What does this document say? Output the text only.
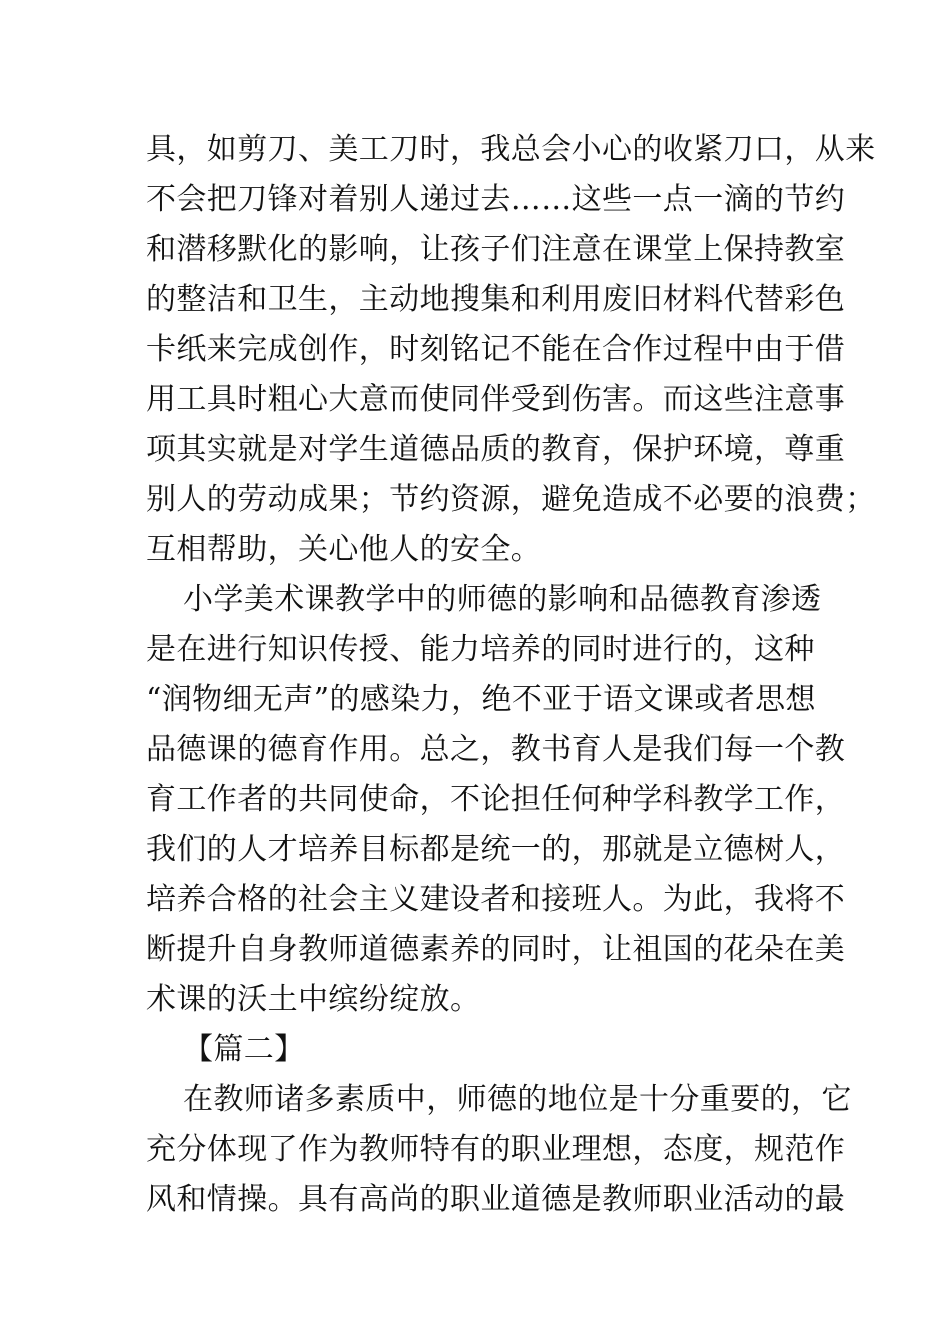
具，如剪刀、美工刀时，我总会小心的收紧刀口，从来
不会把刀锋对着别人递过去……这些一点一滴的节约
和潜移默化的影响，让孩子们注意在课堂上保持教室
的整洁和卫生，主动地搜集和利用废旧材料代替彩色
卡纸来完成创作，时刻铭记不能在合作过程中由于借
用工具时粗心大意而使同伴受到伤害。而这些注意事
项其实就是对学生道德品质的教育，保护环境，尊重
别人的劳动成果；节约资源，避免造成不必要的浪费；
互相帮助，关心他人的安全。
小学美术课教学中的师德的影响和品德教育渗透
是在进行知识传授、能力培养的同时进行的，这种
“润物细无声”的感染力，绝不亚于语文课或者思想
品德课的德育作用。总之，教书育人是我们每一个教
育工作者的共同使命，不论担任何种学科教学工作，
我们的人才培养目标都是统一的，那就是立德树人，
培养合格的社会主义建设者和接班人。为此，我将不
断提升自身教师道德素养的同时，让祖国的花朵在美
术课的沃土中缤纷绽放。
【篇二】
在教师诸多素质中，师德的地位是十分重要的，它
充分体现了作为教师特有的职业理想，态度，规范作
风和情操。具有高尚的职业道德是教师职业活动的最
